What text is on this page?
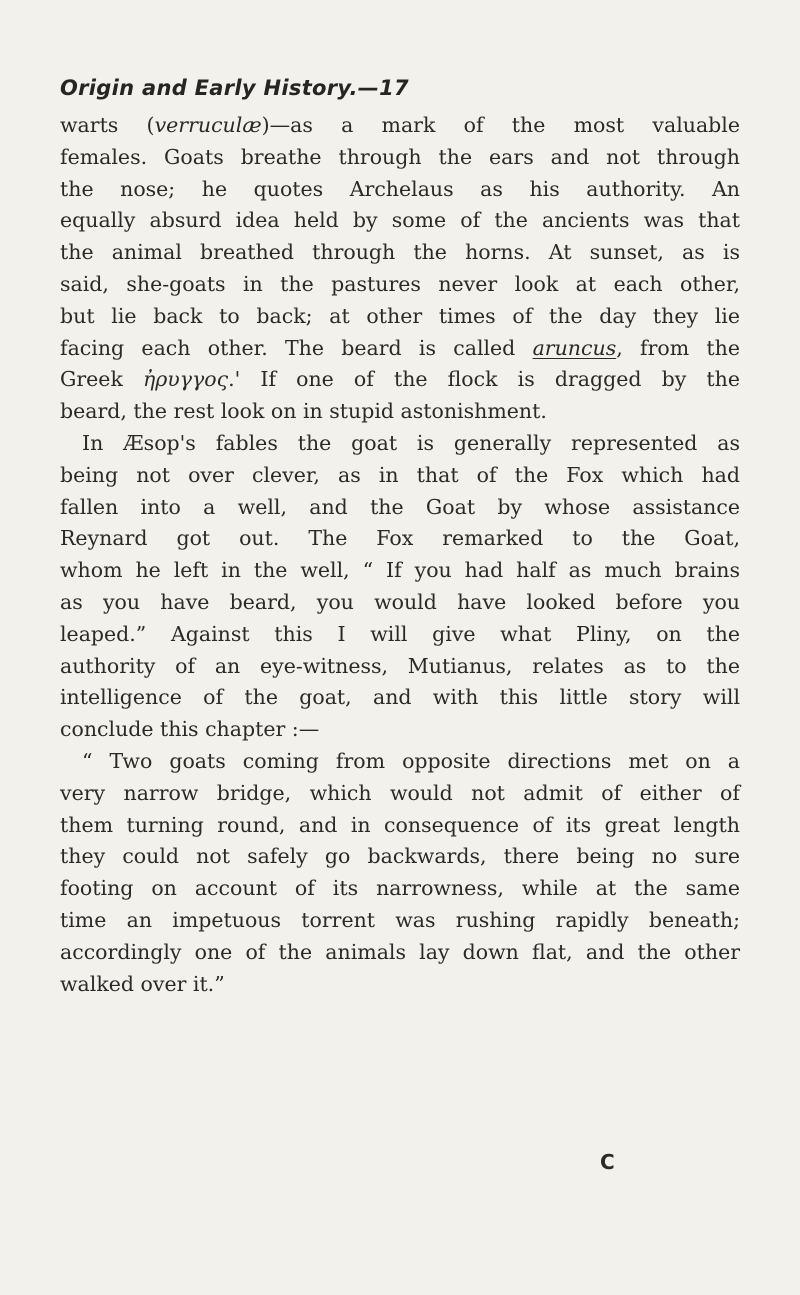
Origin and Early History.—17
warts (verruculæ)—as a mark of the most valuable
females. Goats breathe through the ears and not through
the nose; he quotes Archelaus as his authority. An
equally absurd idea held by some of the ancients was that
the animal breathed through the horns. At sunset, as is
said, she-goats in the pastures never look at each other,
but lie back to back; at other times of the day they lie
facing each other. The beard is called aruncus, from the
Greek ἠρυγγος.' If one of the flock is dragged by the
beard, the rest look on in stupid astonishment.
In Æsop's fables the goat is generally represented as
being not over clever, as in that of the Fox which had
fallen into a well, and the Goat by whose assistance
Reynard got out. The Fox remarked to the Goat,
whom he left in the well, “ If you had half as much brains
as you have beard, you would have looked before you
leaped.” Against this I will give what Pliny, on the
authority of an eye-witness, Mutianus, relates as to the
intelligence of the goat, and with this little story will
conclude this chapter :—
“ Two goats coming from opposite directions met on a
very narrow bridge, which would not admit of either of
them turning round, and in consequence of its great length
they could not safely go backwards, there being no sure
footing on account of its narrowness, while at the same
time an impetuous torrent was rushing rapidly beneath;
accordingly one of the animals lay down flat, and the other
walked over it.”
C
